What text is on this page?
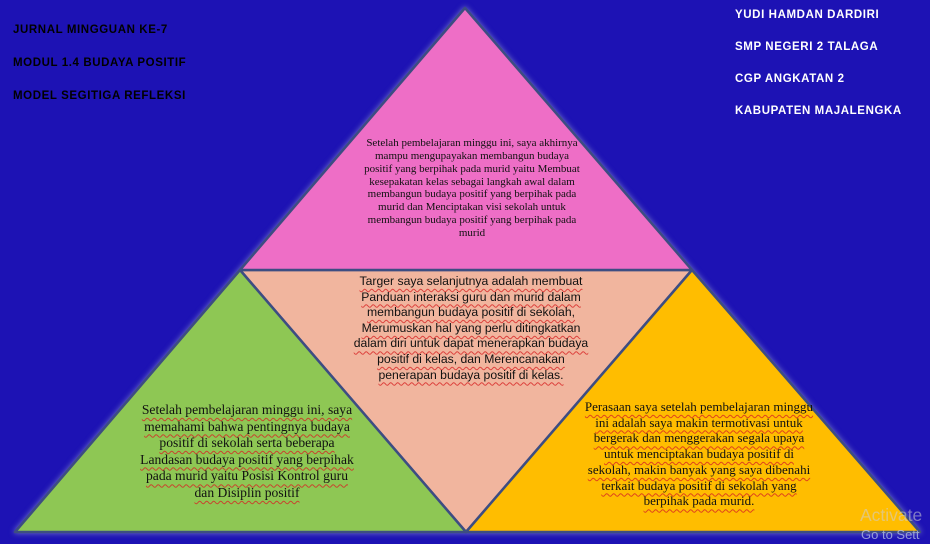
JURNAL MINGGUAN KE-7
MODUL 1.4 BUDAYA POSITIF
MODEL SEGITIGA REFLEKSI
YUDI HAMDAN DARDIRI
SMP NEGERI 2 TALAGA
CGP ANGKATAN 2
KABUPATEN MAJALENGKA
Setelah pembelajaran minggu ini, saya akhirnya mampu mengupayakan membangun budaya positif yang berpihak pada murid yaitu Membuat kesepakatan kelas sebagai langkah awal dalam membangun budaya positif yang berpihak pada murid dan Menciptakan visi sekolah untuk membangun budaya positif yang berpihak pada murid
Targer saya selanjutnya adalah membuat Panduan interaksi guru dan murid dalam membangun budaya positif di sekolah, Merumuskan hal yang perlu ditingkatkan dalam diri untuk dapat menerapkan budaya positif di kelas, dan Merencanakan penerapan budaya positif di kelas.
Setelah pembelajaran minggu ini, saya memahami bahwa pentingnya budaya positif di sekolah serta beberapa Landasan budaya positif yang berpihak pada murid yaitu Posisi Kontrol guru dan Disiplin positif
Perasaan saya setelah pembelajaran minggu ini adalah saya makin termotivasi untuk bergerak dan menggerakan segala upaya untuk menciptakan budaya positif di sekolah, makin banyak yang saya dibenahi terkait budaya positif di sekolah yang berpihak pada murid.
Activate
Go to Sett
